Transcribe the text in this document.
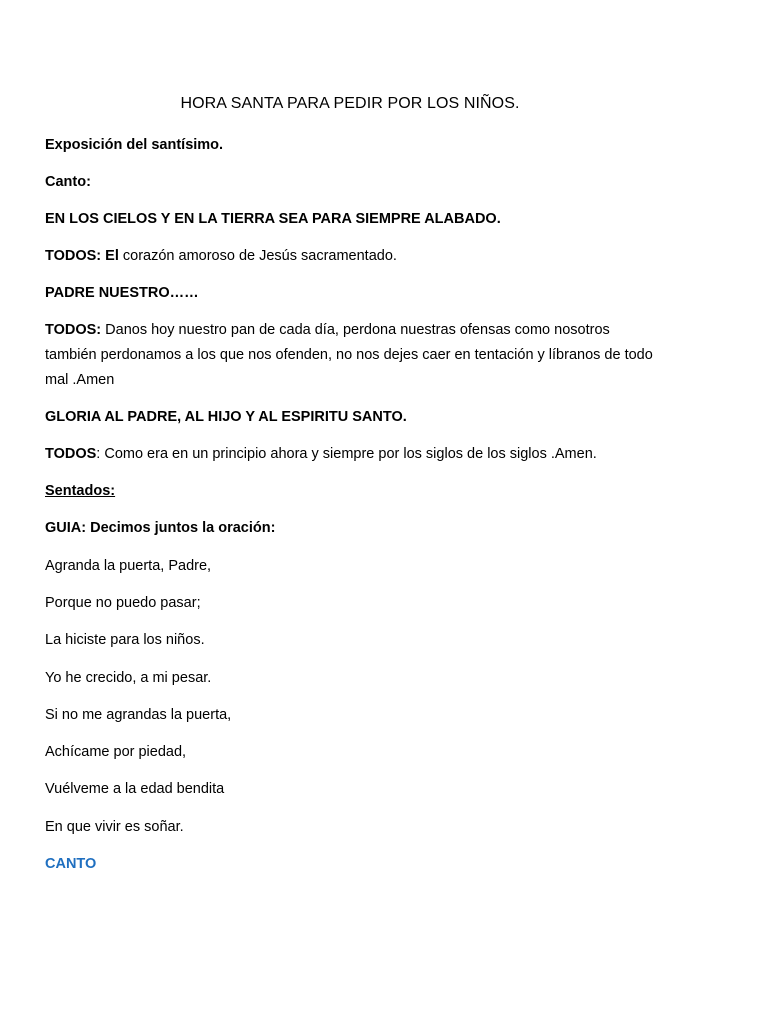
HORA SANTA PARA PEDIR POR LOS NIÑOS.
Exposición del santísimo.
Canto:
EN LOS CIELOS Y EN LA TIERRA SEA PARA SIEMPRE ALABADO.
TODOS: El corazón amoroso de Jesús sacramentado.
PADRE NUESTRO……
TODOS: Danos hoy nuestro pan de cada día, perdona nuestras ofensas como nosotros
también perdonamos a los que nos ofenden, no nos dejes caer en tentación y líbranos de todo
mal .Amen
GLORIA AL PADRE, AL HIJO Y AL ESPIRITU SANTO.
TODOS: Como era en un principio ahora y siempre por los siglos de los siglos .Amen.
Sentados:
GUIA: Decimos juntos la oración:
Agranda la puerta, Padre,
Porque no puedo pasar;
La hiciste para los niños.
Yo he crecido, a mi pesar.
Si no me agrandas la puerta,
Achícame por piedad,
Vuélveme a la edad bendita
En que vivir es soñar.
CANTO
